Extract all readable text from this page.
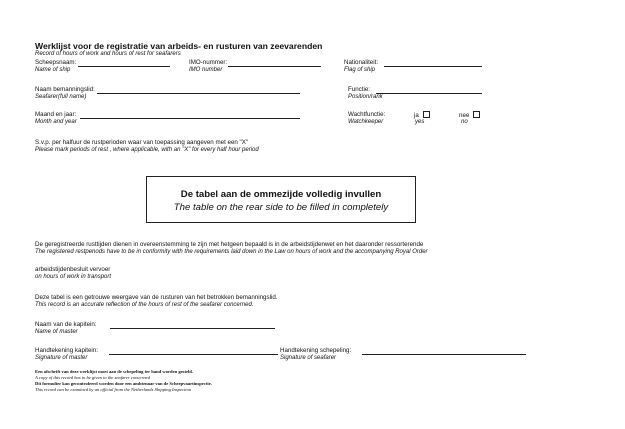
Werklijst voor de registratie van arbeids- en rusturen van zeevarenden
Record of hours of work and hours of rest for seafarers
Scheepsnaam:
Name of ship
IMO-nummer:
IMO number
Nationaliteit:
Flag of ship
Naam bemanningslid:
Seafarer(full name)
Functie:
Position/rank
Maand en jaar:
Month and year
Wachtfunctie:
Watchkeeper
ja
yes
nee
no
S.v.p. per halfuur de rustperioden waar van toepassing aangeven met een "X"
Please mark periods of rest , where applicable, with an "X" for every half hour period
De tabel aan de ommezijde volledig invullen
The table on the rear side to be filled in completely
De geregistreerde rusttijden dienen in overeenstemming te zijn met hetgeen bepaald is in de arbeidstijdenwet en het daaronder ressorterende
The registered restpenods have to be in conformity with the requirements laid down in the Law on hours of work and the accompanying Royal Order
arbeidstijdenbesluit vervoer
on hours of work in transport
Deze tabel is een getrouwe weergave van de rusturen van het betrokken bemanningslid.
This record is an accurate reflection of the hours of rest of the seafarer concerned.
Naam van de kapitein:
Name of master
Handtekening kapitein:
Signature of master
Handtekening schepeling:
Signature of seafarer
Een afschrift van deze werklijst moet aan de schepeling ter hand worden gesteld.
A copy of this record has to be given to the seafarer concerned
Dit formulier kan gecontroleerd worden door een ambtenaar van de Scheepvaartinspectie.
This record can be examined by an official from the Netherlands Shipping Inspection
